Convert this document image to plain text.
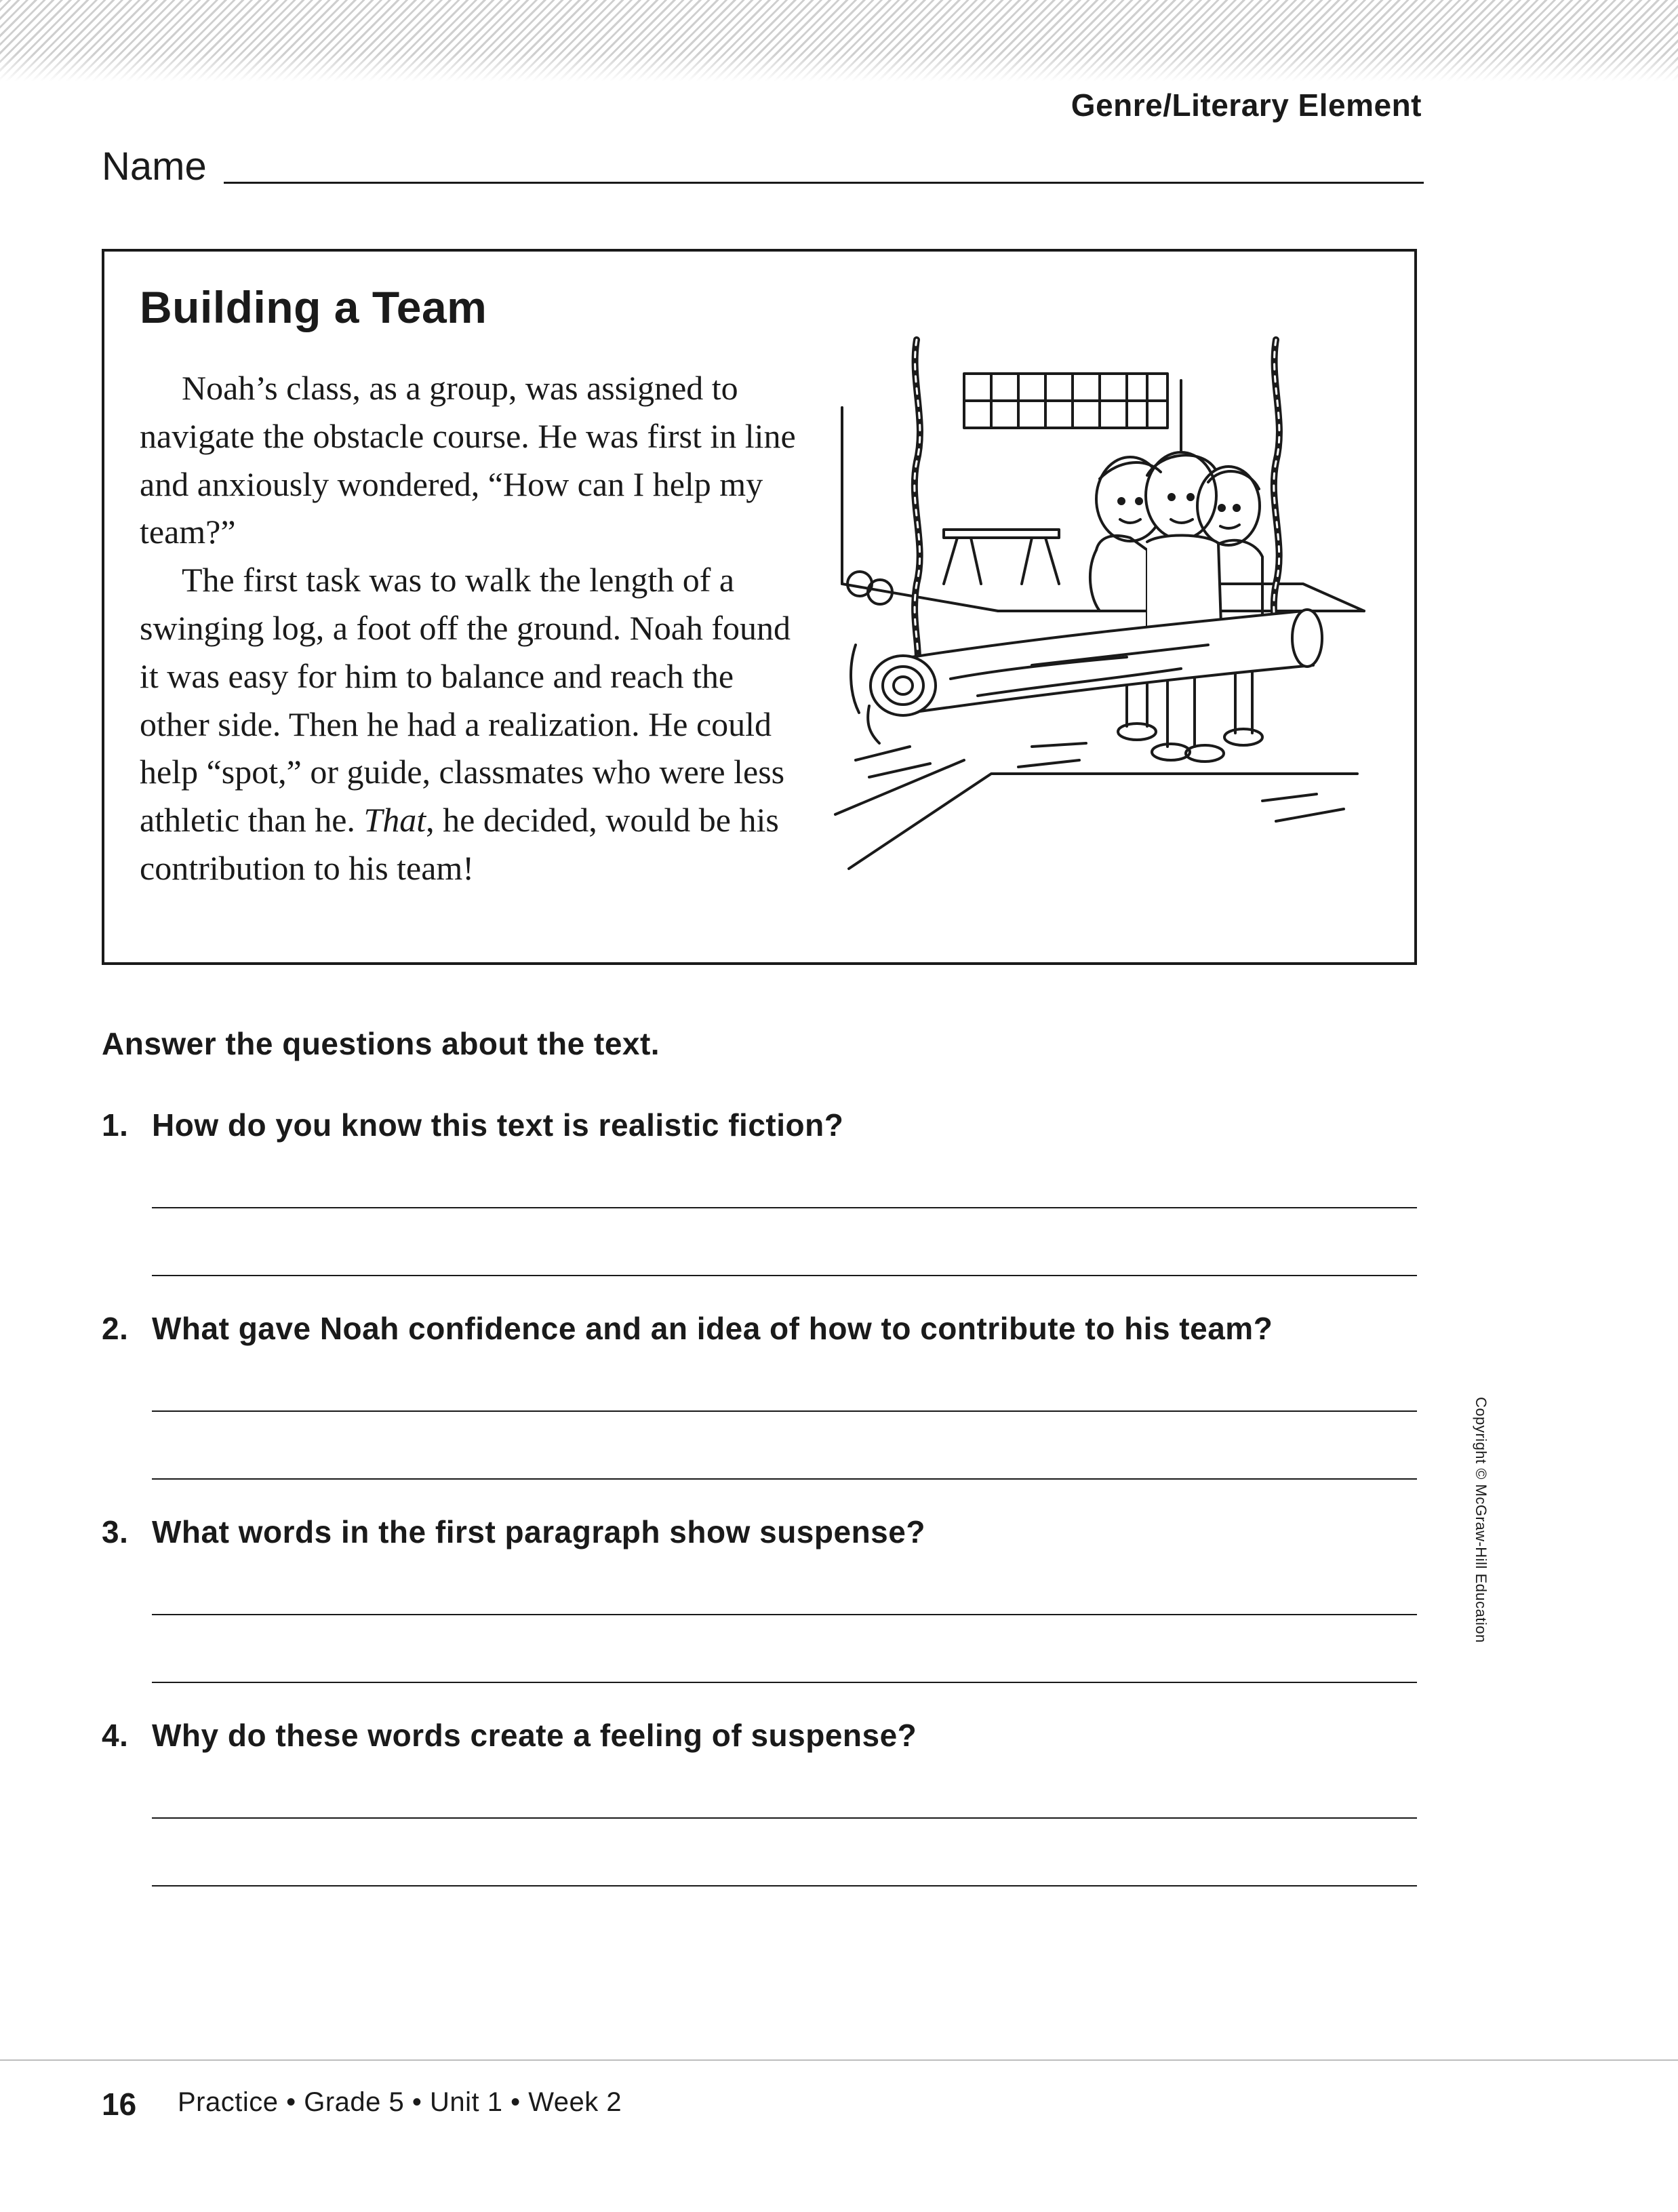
Genre/Literary Element
Name
Building a Team

Noah’s class, as a group, was assigned to navigate the obstacle course. He was first in line and anxiously wondered, “How can I help my team?”

The first task was to walk the length of a swinging log, a foot off the ground. Noah found it was easy for him to balance and reach the other side. Then he had a realization. He could help “spot,” or guide, classmates who were less athletic than he. That, he decided, would be his contribution to his team!

Answer the questions about the text.
1. How do you know this text is realistic fiction?
2. What gave Noah confidence and an idea of how to contribute to his team?
3. What words in the first paragraph show suspense?
4. Why do these words create a feeling of suspense?
Copyright © McGraw-Hill Education
16 Practice • Grade 5 • Unit 1 • Week 2
